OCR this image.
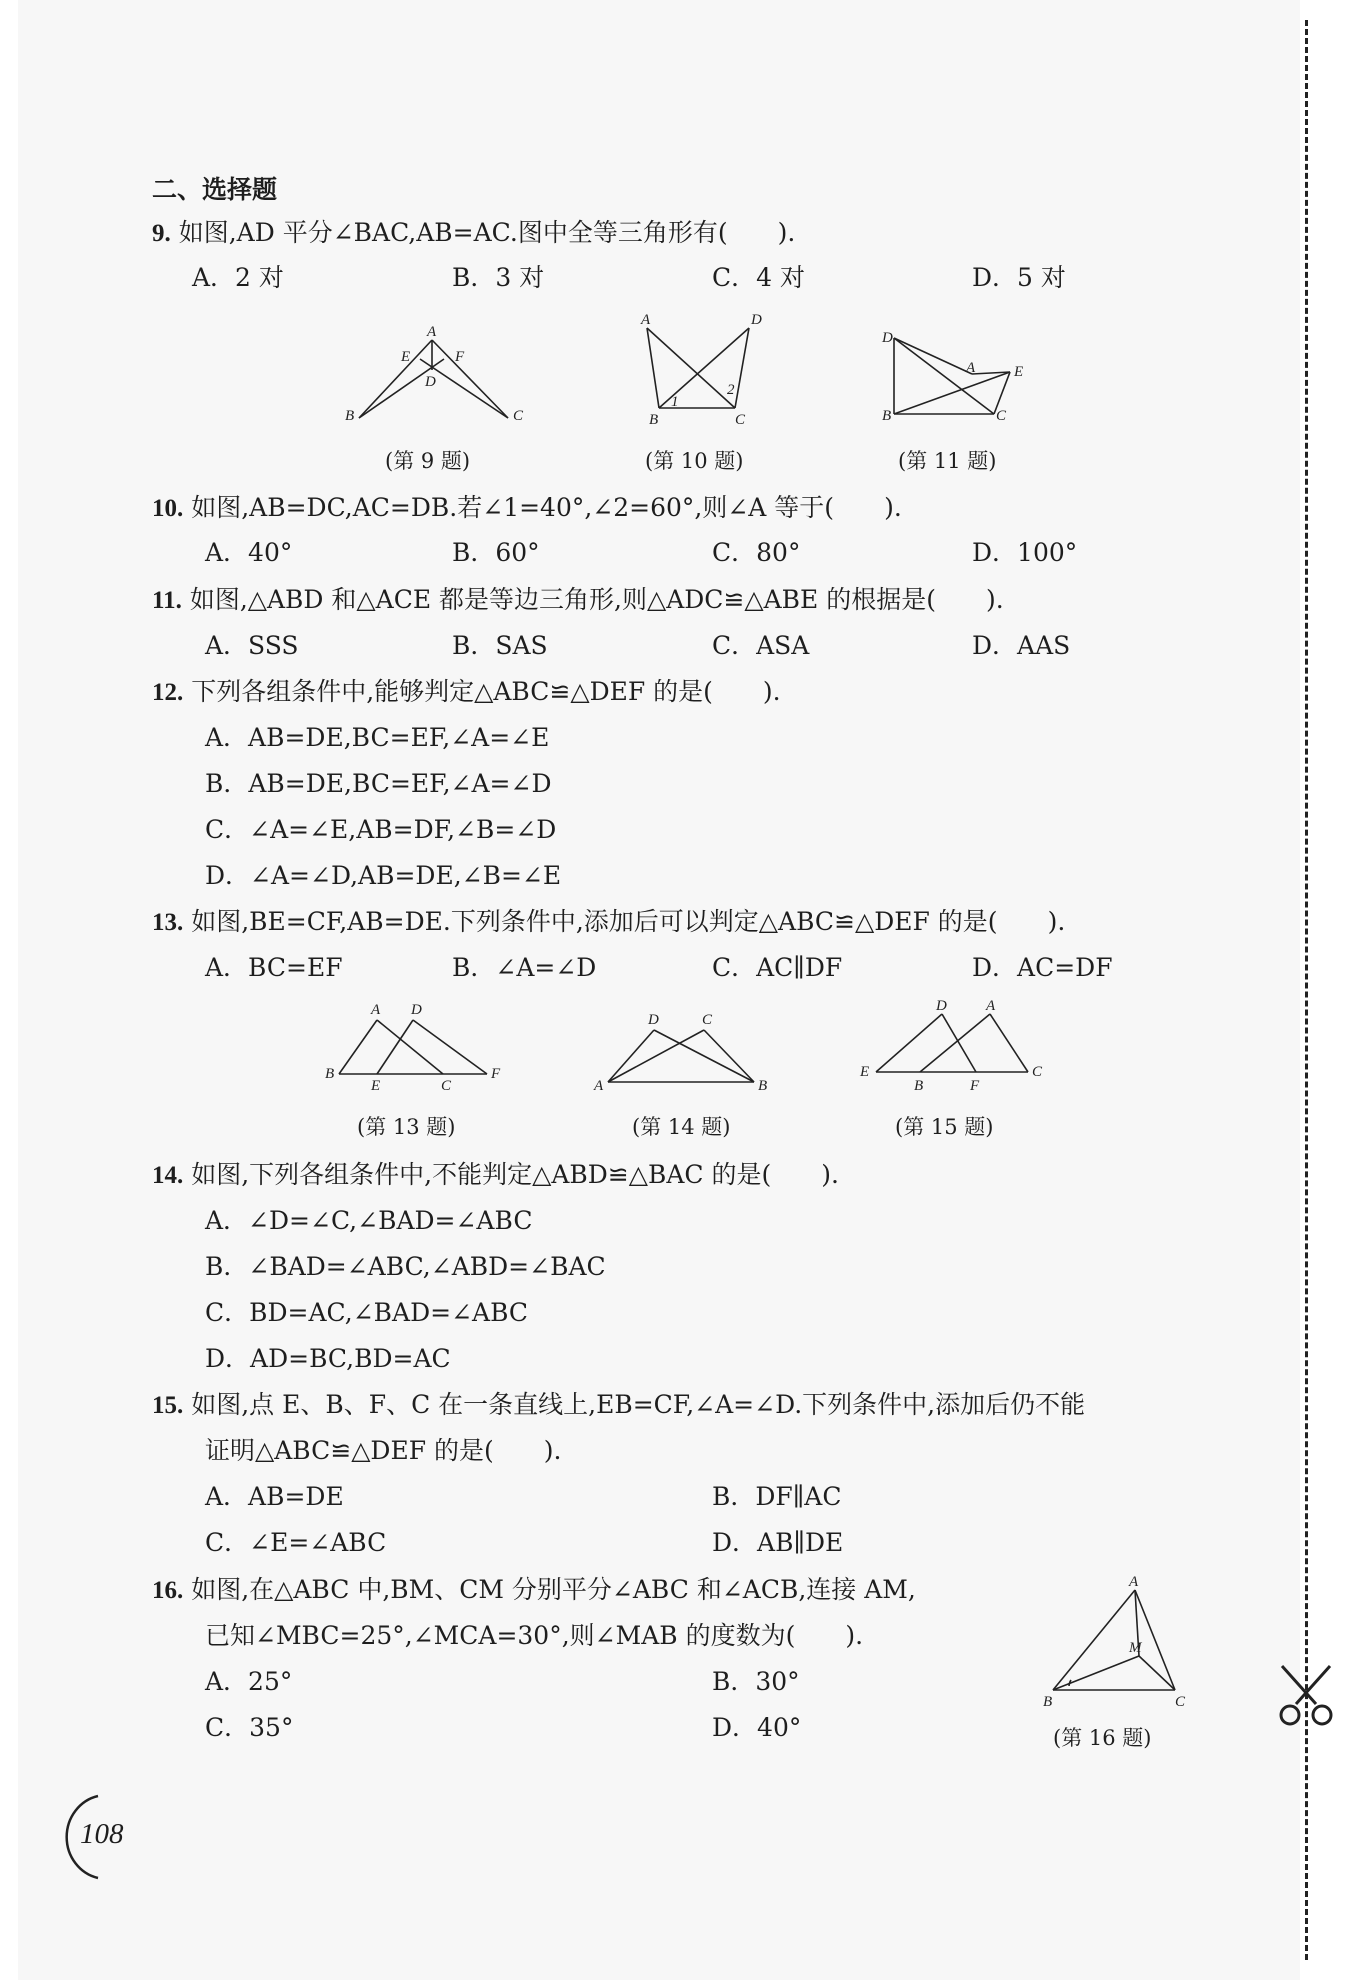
二、选择题
9. 如图,AD 平分∠BAC,AB=AC.图中全等三角形有(　　).
A．2 对	B．3 对	C．4 对	D．5 对
A
E	F
D
B	C
A	D
B	C
1
2
D
A	E
B	C
(第 9 题)	(第 10 题)	(第 11 题)
10. 如图,AB=DC,AC=DB.若∠1=40°,∠2=60°,则∠A 等于(　　).
A．40°	B．60°	C．80°	D．100°
11. 如图,△ABD 和△ACE 都是等边三角形,则△ADC≌△ABE 的根据是(　　).
A．SSS	B．SAS	C．ASA	D．AAS
12. 下列各组条件中,能够判定△ABC≌△DEF 的是(　　).
A．AB=DE,BC=EF,∠A=∠E
B．AB=DE,BC=EF,∠A=∠D
C．∠A=∠E,AB=DF,∠B=∠D
D．∠A=∠D,AB=DE,∠B=∠E
13. 如图,BE=CF,AB=DE.下列条件中,添加后可以判定△ABC≌△DEF 的是(　　).
A．BC=EF	B．∠A=∠D	C．AC∥DF	D．AC=DF
A D
B
E	C
F
D	C
A	B
D	A
E
B	F
C
(第 13 题)	(第 14 题)	(第 15 题)
14. 如图,下列各组条件中,不能判定△ABD≌△BAC 的是(　　).
A．∠D=∠C,∠BAD=∠ABC
B．∠BAD=∠ABC,∠ABD=∠BAC
C．BD=AC,∠BAD=∠ABC
D．AD=BC,BD=AC
15. 如图,点 E、B、F、C 在一条直线上,EB=CF,∠A=∠D.下列条件中,添加后仍不能
证明△ABC≌△DEF 的是(　　).
A．AB=DE	B．DF∥AC
C．∠E=∠ABC	D．AB∥DE
16. 如图,在△ABC 中,BM、CM 分别平分∠ABC 和∠ACB,连接 AM,
已知∠MBC=25°,∠MCA=30°,则∠MAB 的度数为(　　).
A．25°	B．30°
C．35°	D．40°
A
M
B	C
(第 16 题)
108
